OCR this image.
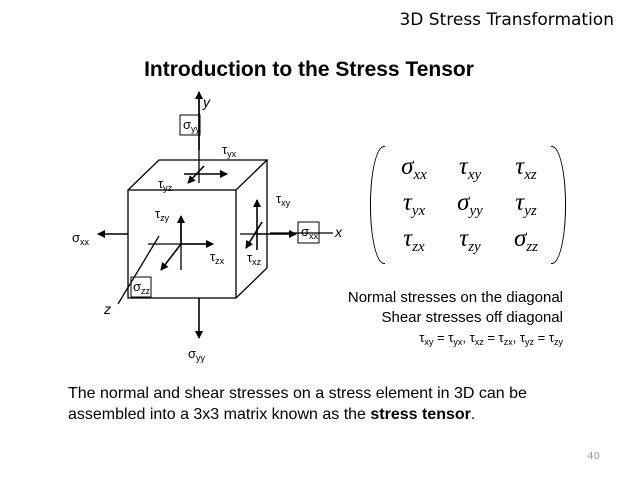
3D Stress Transformation
Introduction to the Stress Tensor
y
x
z
$\sigma_{yy}$
$\sigma_{yy}$
$\sigma_{xx}$
$\sigma_{xx}$
$\sigma_{zz}$
$\tau_{yx}$
$\tau_{yz}$
$\tau_{xy}$
$\tau_{zy}$
$\tau_{zx}$ $\tau_{xz}$
$\sigma_{xx}$	$\tau_{xy}$	$\tau_{xz}$
$\tau_{yx}$	$\sigma_{yy}$	$\tau_{yz}$
$\tau_{zx}$	$\tau_{zy}$	$\sigma_{zz}$
Normal stresses on the diagonal
Shear stresses off diagonal
$\tau_{xy} = \tau_{yx}$, $\tau_{xz} = \tau_{zx}$, $\tau_{yz} = \tau_{zy}$
The normal and shear stresses on a stress element in 3D can be assembled into a 3x3 matrix known as the stress tensor.
40
